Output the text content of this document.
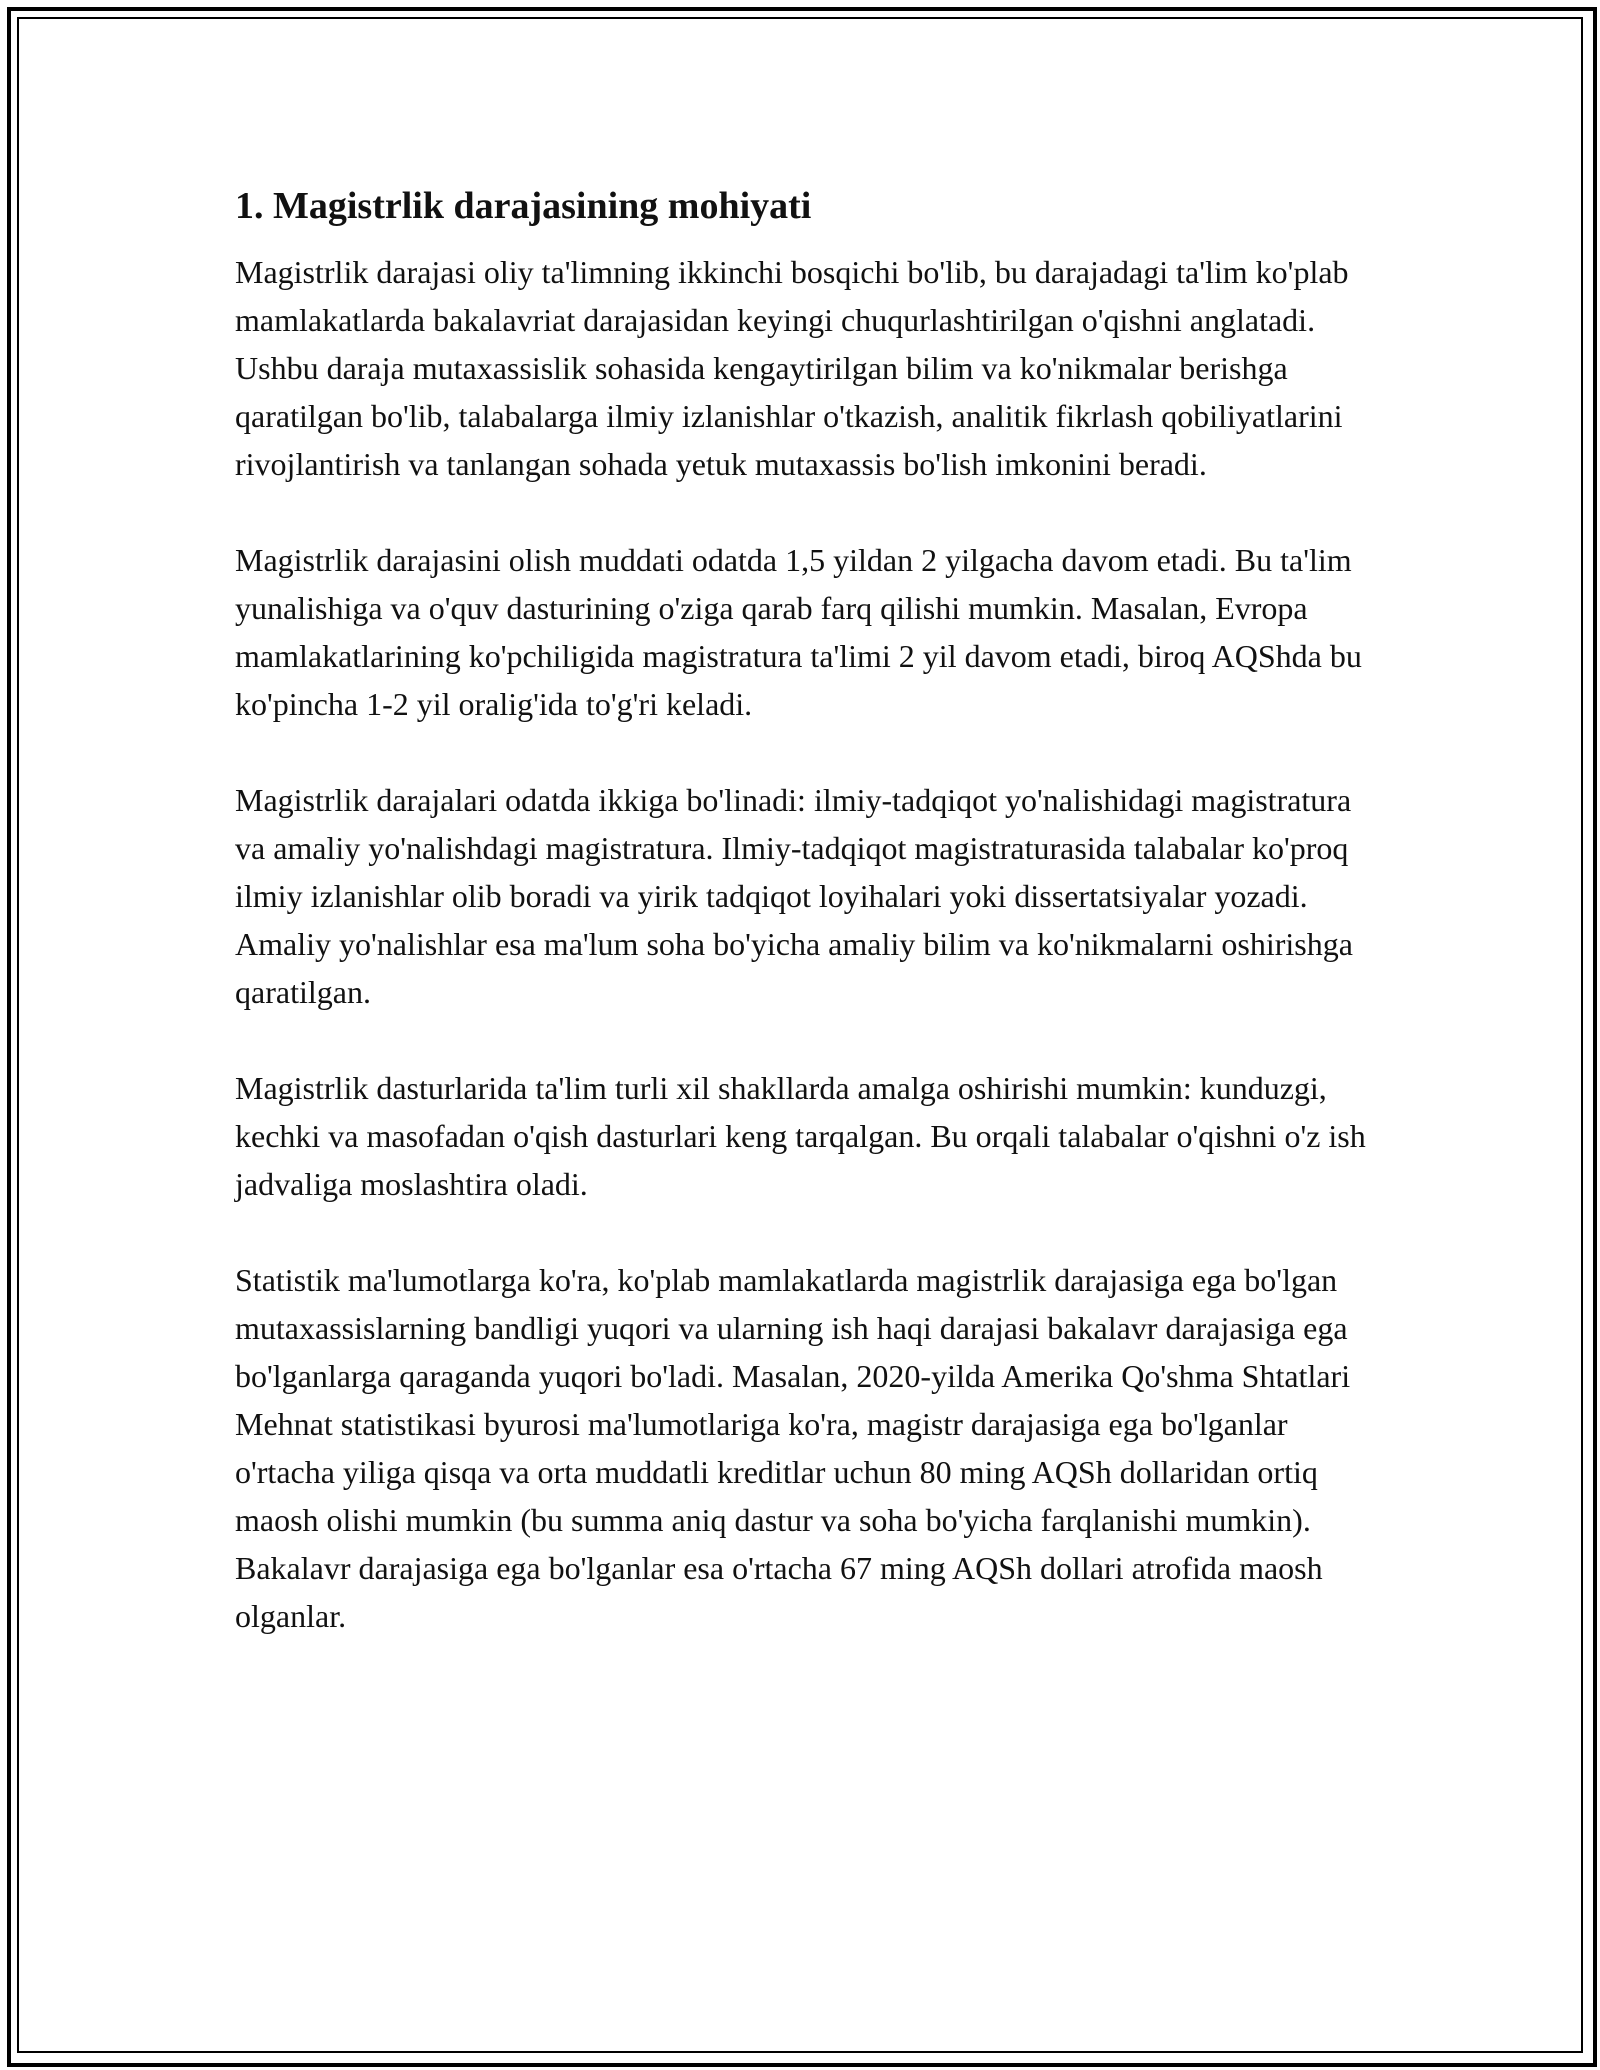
1. Magistrlik darajasining mohiyati

Magistrlik darajasi oliy ta'limning ikkinchi bosqichi bo'lib, bu darajadagi ta'lim ko'plab mamlakatlarda bakalavriat darajasidan keyingi chuqurlashtirilgan o'qishni anglatadi. Ushbu daraja mutaxassislik sohasida kengaytirilgan bilim va ko'nikmalar berishga qaratilgan bo'lib, talabalarga ilmiy izlanishlar o'tkazish, analitik fikrlash qobiliyatlarini rivojlantirish va tanlangan sohada yetuk mutaxassis bo'lish imkonini beradi.

Magistrlik darajasini olish muddati odatda 1,5 yildan 2 yilgacha davom etadi. Bu ta'lim yunalishiga va o'quv dasturining o'ziga qarab farq qilishi mumkin. Masalan, Evropa mamlakatlarining ko'pchiligida magistratura ta'limi 2 yil davom etadi, biroq AQShda bu ko'pincha 1-2 yil oralig'ida to'g'ri keladi.

Magistrlik darajalari odatda ikkiga bo'linadi: ilmiy-tadqiqot yo'nalishidagi magistratura va amaliy yo'nalishdagi magistratura. Ilmiy-tadqiqot magistraturasida talabalar ko'proq ilmiy izlanishlar olib boradi va yirik tadqiqot loyihalari yoki dissertatsiyalar yozadi. Amaliy yo'nalishlar esa ma'lum soha bo'yicha amaliy bilim va ko'nikmalarni oshirishga qaratilgan.

Magistrlik dasturlarida ta'lim turli xil shakllarda amalga oshirishi mumkin: kunduzgi, kechki va masofadan o'qish dasturlari keng tarqalgan. Bu orqali talabalar o'qishni o'z ish jadvaliga moslashtira oladi.

Statistik ma'lumotlarga ko'ra, ko'plab mamlakatlarda magistrlik darajasiga ega bo'lgan mutaxassislarning bandligi yuqori va ularning ish haqi darajasi bakalavr darajasiga ega bo'lganlarga qaraganda yuqori bo'ladi. Masalan, 2020-yilda Amerika Qo'shma Shtatlari Mehnat statistikasi byurosi ma'lumotlariga ko'ra, magistr darajasiga ega bo'lganlar o'rtacha yiliga qisqa va orta muddatli kreditlar uchun 80 ming AQSh dollaridan ortiq maosh olishi mumkin (bu summa aniq dastur va soha bo'yicha farqlanishi mumkin). Bakalavr darajasiga ega bo'lganlar esa o'rtacha 67 ming AQSh dollari atrofida maosh olganlar.
